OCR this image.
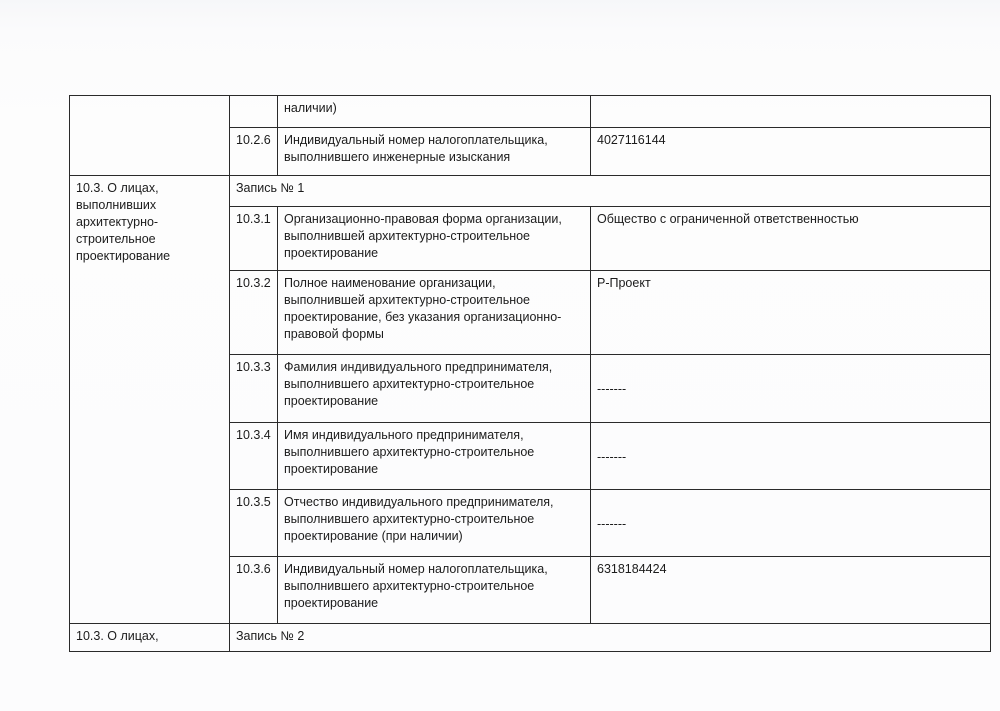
		наличии)	

	10.2.6	Индивидуальный номер налогоплательщика,
выполнившего инженерные изыскания	4027116144

10.3. О лицах,
выполнивших
архитектурно-
строительное
проектирование	Запись № 1		
	10.3.1	Организационно-правовая форма организации,
выполнившей архитектурно-строительное
проектирование	Общество с ограниченной ответственностью
	10.3.2	Полное наименование организации,
выполнившей архитектурно-строительное
проектирование, без указания организационно-
правовой формы	Р-Проект
	10.3.3	Фамилия индивидуального предпринимателя,
выполнившего архитектурно-строительное
проектирование	-------
	10.3.4	Имя индивидуального предпринимателя,
выполнившего архитектурно-строительное
проектирование	-------
	10.3.5	Отчество индивидуального предпринимателя,
выполнившего архитектурно-строительное
проектирование (при наличии)	-------
	10.3.6	Индивидуальный номер налогоплательщика,
выполнившего архитектурно-строительное
проектирование	6318184424

10.3. О лицах,	Запись № 2		
